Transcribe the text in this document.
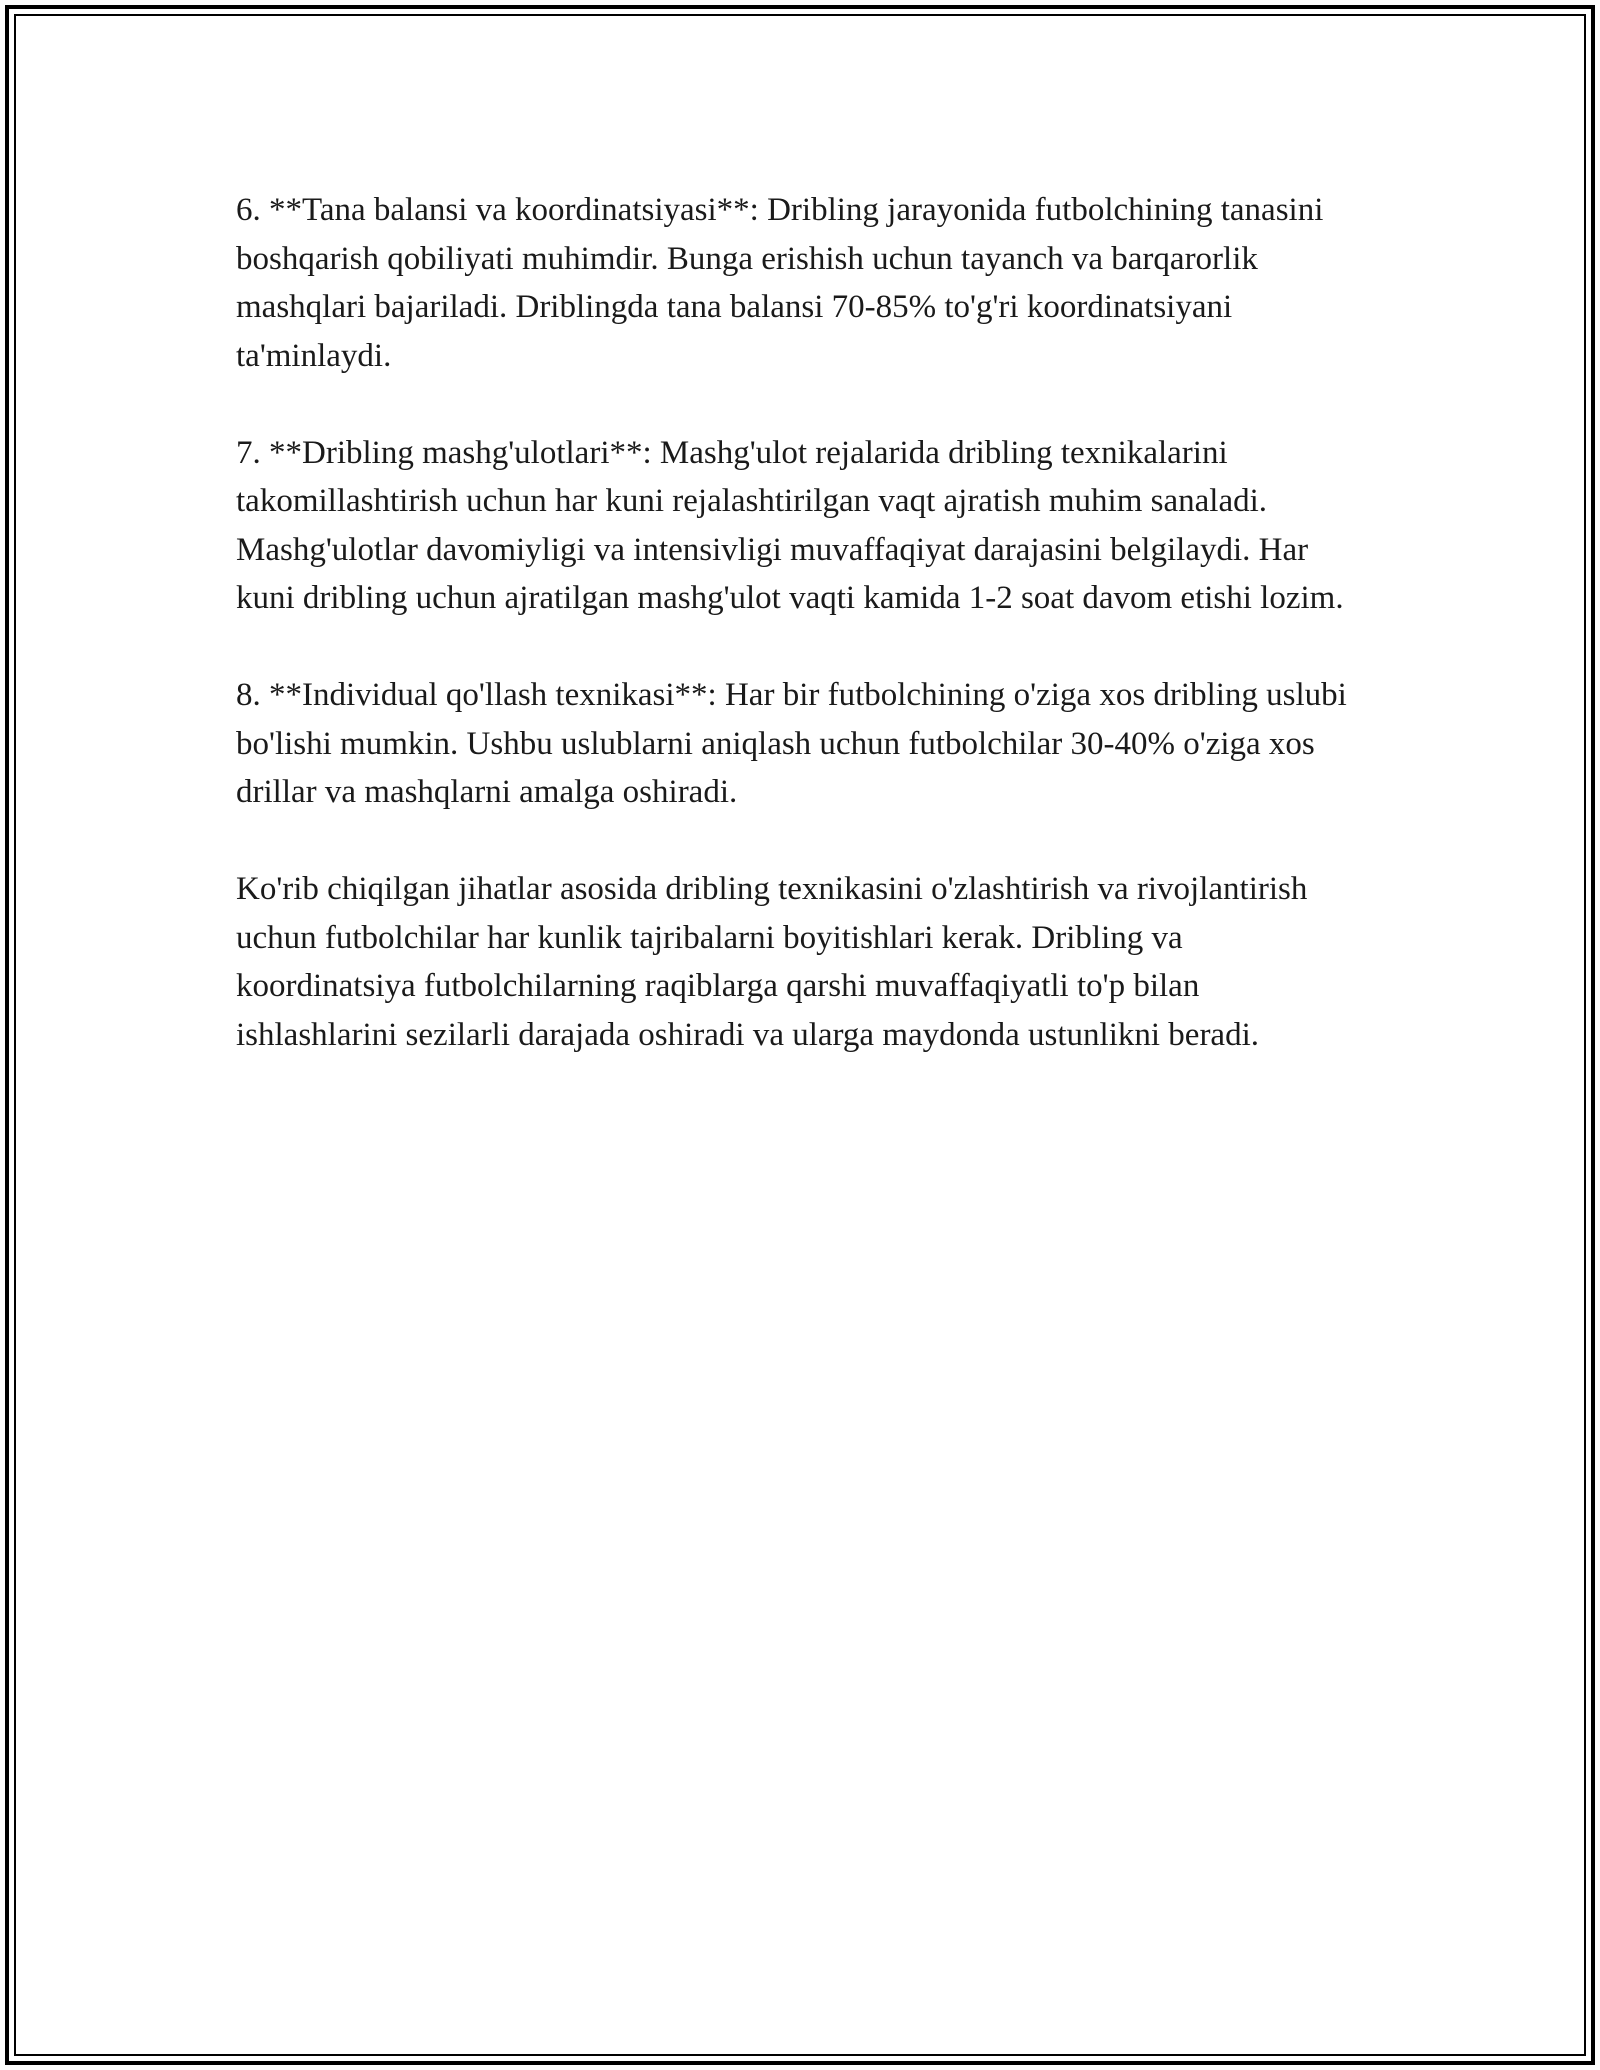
6. **Tana balansi va koordinatsiyasi**: Dribling jarayonida futbolchining tanasini boshqarish qobiliyati muhimdir. Bunga erishish uchun tayanch va barqarorlik mashqlari bajariladi. Driblingda tana balansi 70-85% to'g'ri koordinatsiyani ta'minlaydi.

7. **Dribling mashg'ulotlari**: Mashg'ulot rejalarida dribling texnikalarini takomillashtirish uchun har kuni rejalashtirilgan vaqt ajratish muhim sanaladi. Mashg'ulotlar davomiyligi va intensivligi muvaffaqiyat darajasini belgilaydi. Har kuni dribling uchun ajratilgan mashg'ulot vaqti kamida 1-2 soat davom etishi lozim.

8. **Individual qo'llash texnikasi**: Har bir futbolchining o'ziga xos dribling uslubi bo'lishi mumkin. Ushbu uslublarni aniqlash uchun futbolchilar 30-40% o'ziga xos drillar va mashqlarni amalga oshiradi.

Ko'rib chiqilgan jihatlar asosida dribling texnikasini o'zlashtirish va rivojlantirish uchun futbolchilar har kunlik tajribalarni boyitishlari kerak. Dribling va koordinatsiya futbolchilarning raqiblarga qarshi muvaffaqiyatli to'p bilan ishlashlarini sezilarli darajada oshiradi va ularga maydonda ustunlikni beradi.
